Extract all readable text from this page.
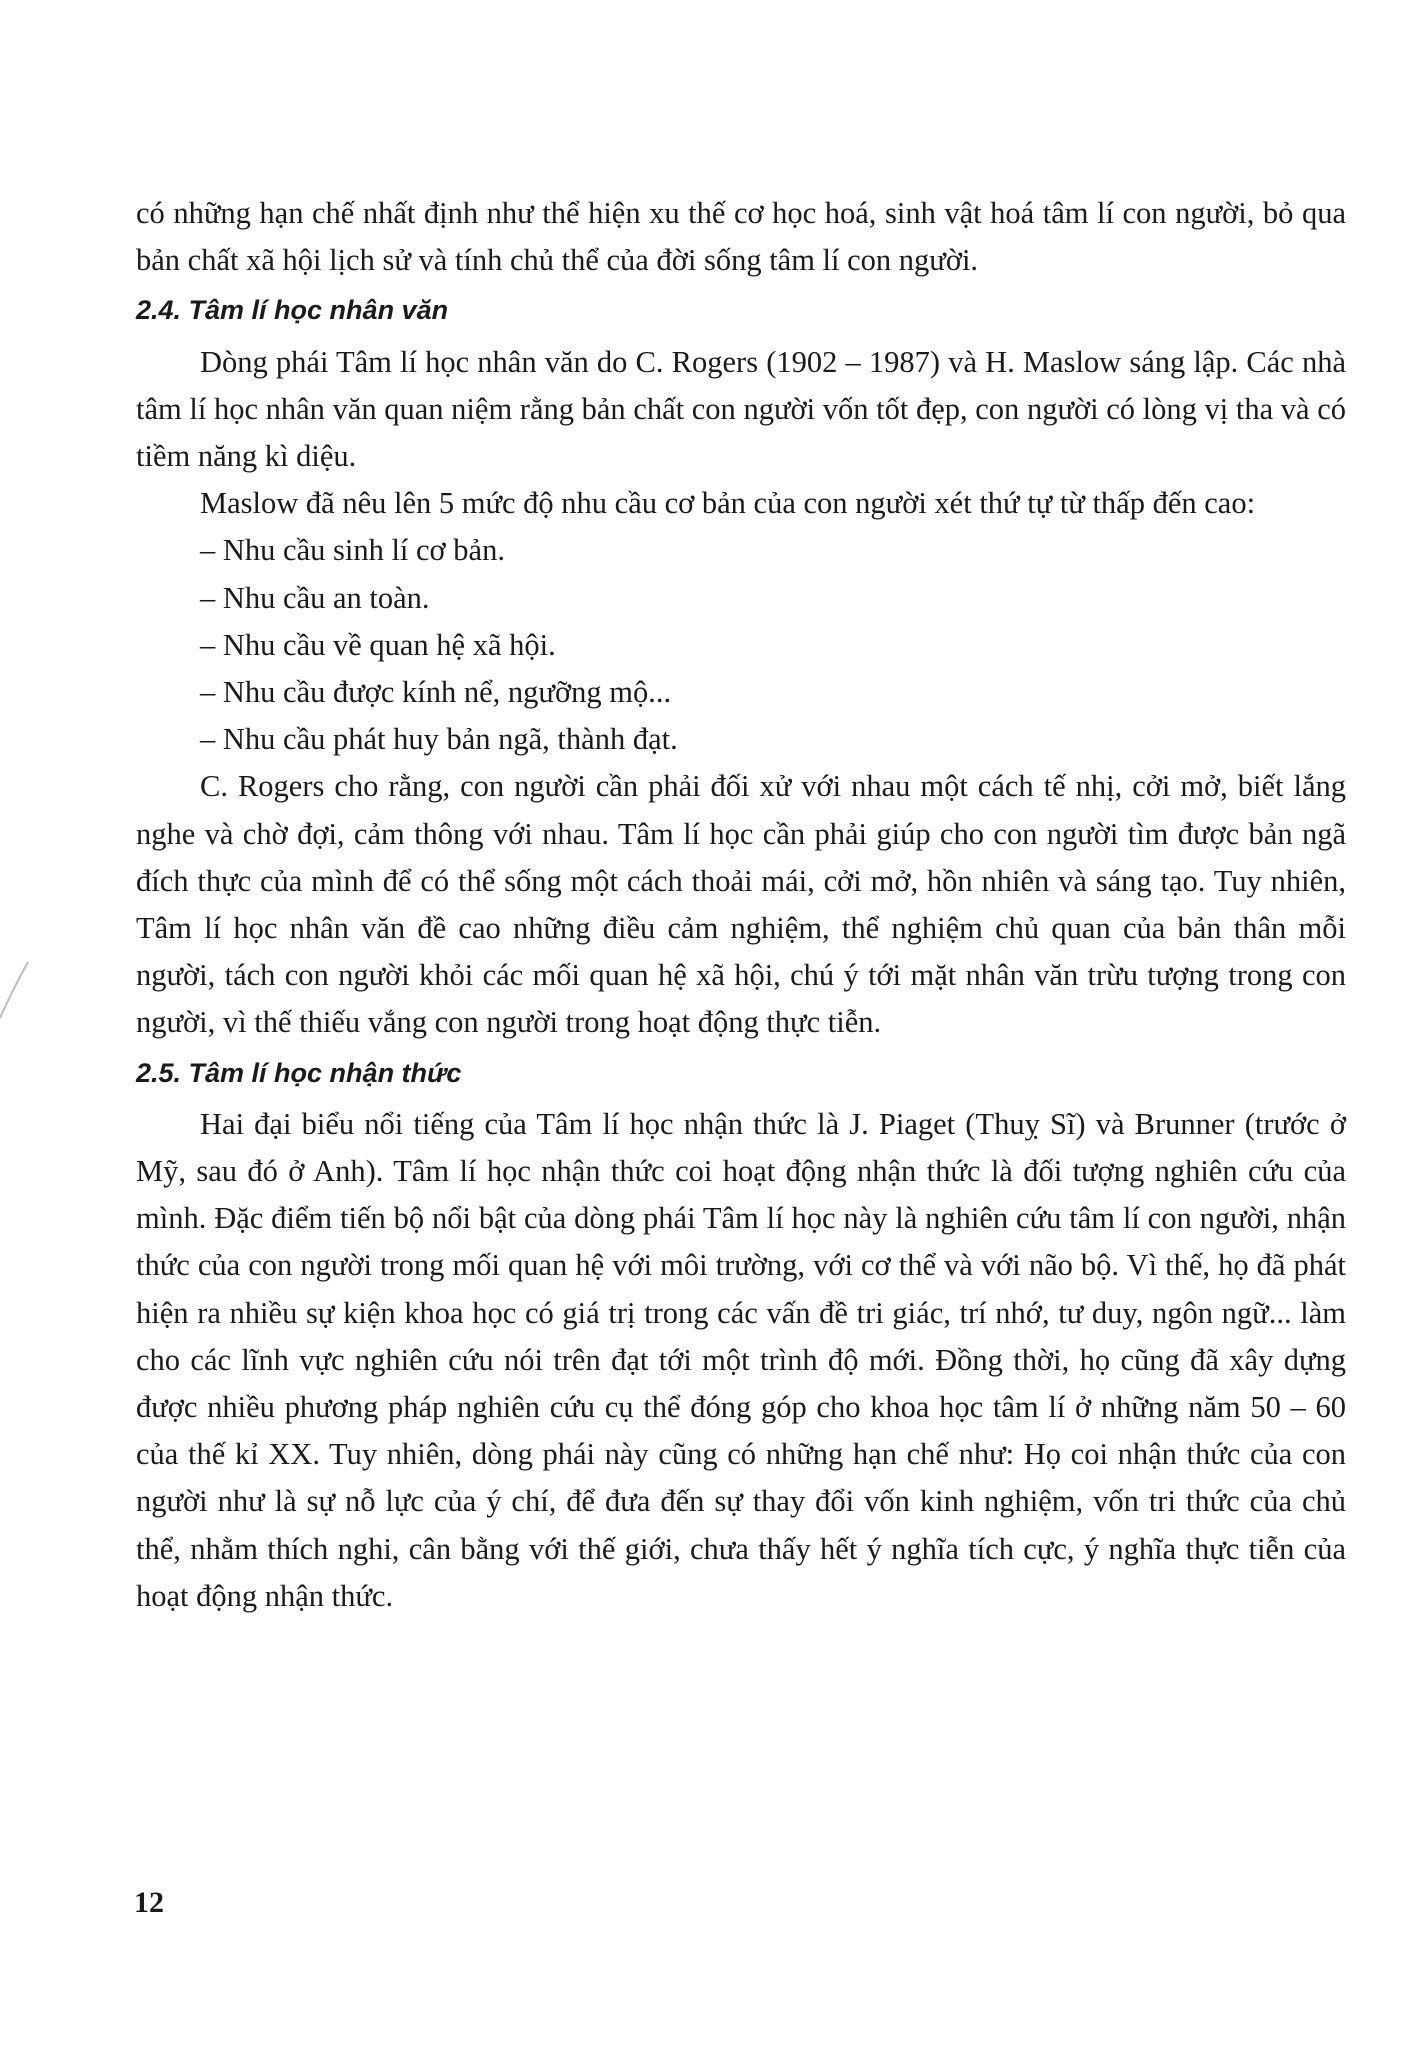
có những hạn chế nhất định như thể hiện xu thế cơ học hoá, sinh vật hoá tâm lí con người, bỏ qua bản chất xã hội lịch sử và tính chủ thể của đời sống tâm lí con người.

2.4. Tâm lí học nhân văn

Dòng phái Tâm lí học nhân văn do C. Rogers (1902 – 1987) và H. Maslow sáng lập. Các nhà tâm lí học nhân văn quan niệm rằng bản chất con người vốn tốt đẹp, con người có lòng vị tha và có tiềm năng kì diệu.

Maslow đã nêu lên 5 mức độ nhu cầu cơ bản của con người xét thứ tự từ thấp đến cao:

– Nhu cầu sinh lí cơ bản.

– Nhu cầu an toàn.

– Nhu cầu về quan hệ xã hội.

– Nhu cầu được kính nể, ngưỡng mộ...

– Nhu cầu phát huy bản ngã, thành đạt.

C. Rogers cho rằng, con người cần phải đối xử với nhau một cách tế nhị, cởi mở, biết lắng nghe và chờ đợi, cảm thông với nhau. Tâm lí học cần phải giúp cho con người tìm được bản ngã đích thực của mình để có thể sống một cách thoải mái, cởi mở, hồn nhiên và sáng tạo. Tuy nhiên, Tâm lí học nhân văn đề cao những điều cảm nghiệm, thể nghiệm chủ quan của bản thân mỗi người, tách con người khỏi các mối quan hệ xã hội, chú ý tới mặt nhân văn trừu tượng trong con người, vì thế thiếu vắng con người trong hoạt động thực tiễn.

2.5. Tâm lí học nhận thức

Hai đại biểu nổi tiếng của Tâm lí học nhận thức là J. Piaget (Thuỵ Sĩ) và Brunner (trước ở Mỹ, sau đó ở Anh). Tâm lí học nhận thức coi hoạt động nhận thức là đối tượng nghiên cứu của mình. Đặc điểm tiến bộ nổi bật của dòng phái Tâm lí học này là nghiên cứu tâm lí con người, nhận thức của con người trong mối quan hệ với môi trường, với cơ thể và với não bộ. Vì thế, họ đã phát hiện ra nhiều sự kiện khoa học có giá trị trong các vấn đề tri giác, trí nhớ, tư duy, ngôn ngữ... làm cho các lĩnh vực nghiên cứu nói trên đạt tới một trình độ mới. Đồng thời, họ cũng đã xây dựng được nhiều phương pháp nghiên cứu cụ thể đóng góp cho khoa học tâm lí ở những năm 50 – 60 của thế kỉ XX. Tuy nhiên, dòng phái này cũng có những hạn chế như: Họ coi nhận thức của con người như là sự nỗ lực của ý chí, để đưa đến sự thay đổi vốn kinh nghiệm, vốn tri thức của chủ thể, nhằm thích nghi, cân bằng với thế giới, chưa thấy hết ý nghĩa tích cực, ý nghĩa thực tiễn của hoạt động nhận thức.

12
